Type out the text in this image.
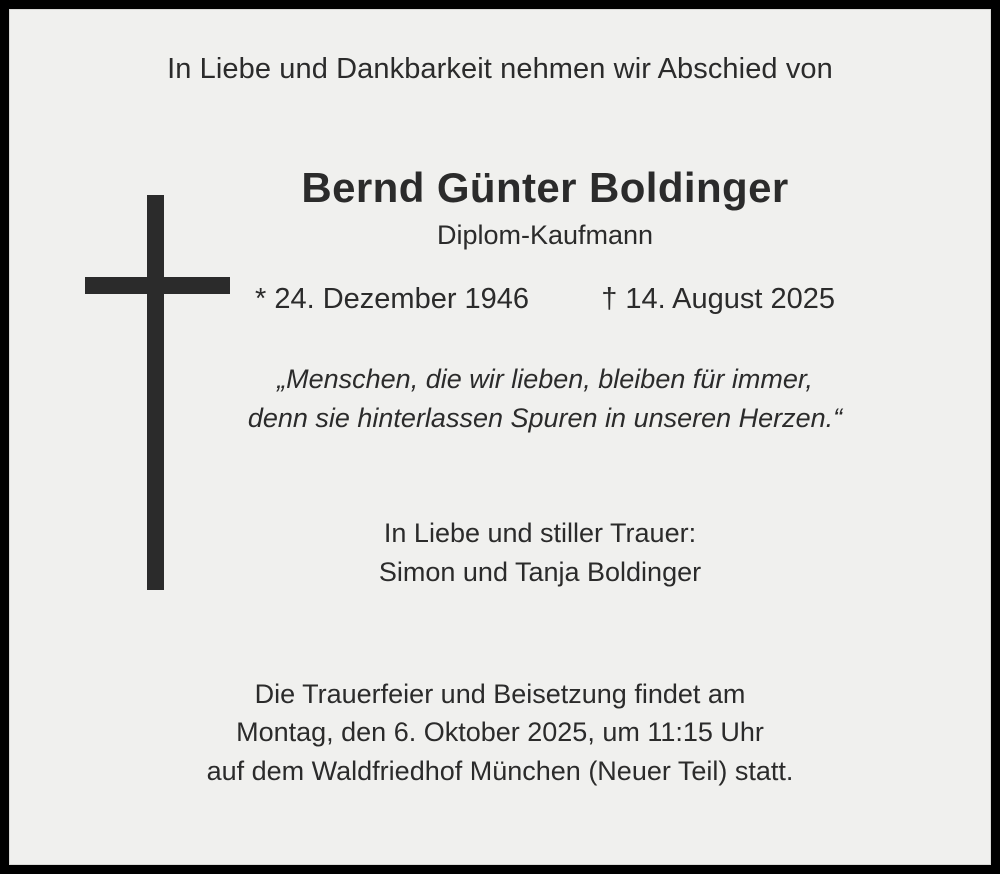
In Liebe und Dankbarkeit nehmen wir Abschied von
Bernd Günter Boldinger
Diplom-Kaufmann
* 24. Dezember 1946 † 14. August 2025
„Menschen, die wir lieben, bleiben für immer,
denn sie hinterlassen Spuren in unseren Herzen.“
In Liebe und stiller Trauer:
Simon und Tanja Boldinger
Die Trauerfeier und Beisetzung findet am
Montag, den 6. Oktober 2025, um 11:15 Uhr
auf dem Waldfriedhof München (Neuer Teil) statt.
